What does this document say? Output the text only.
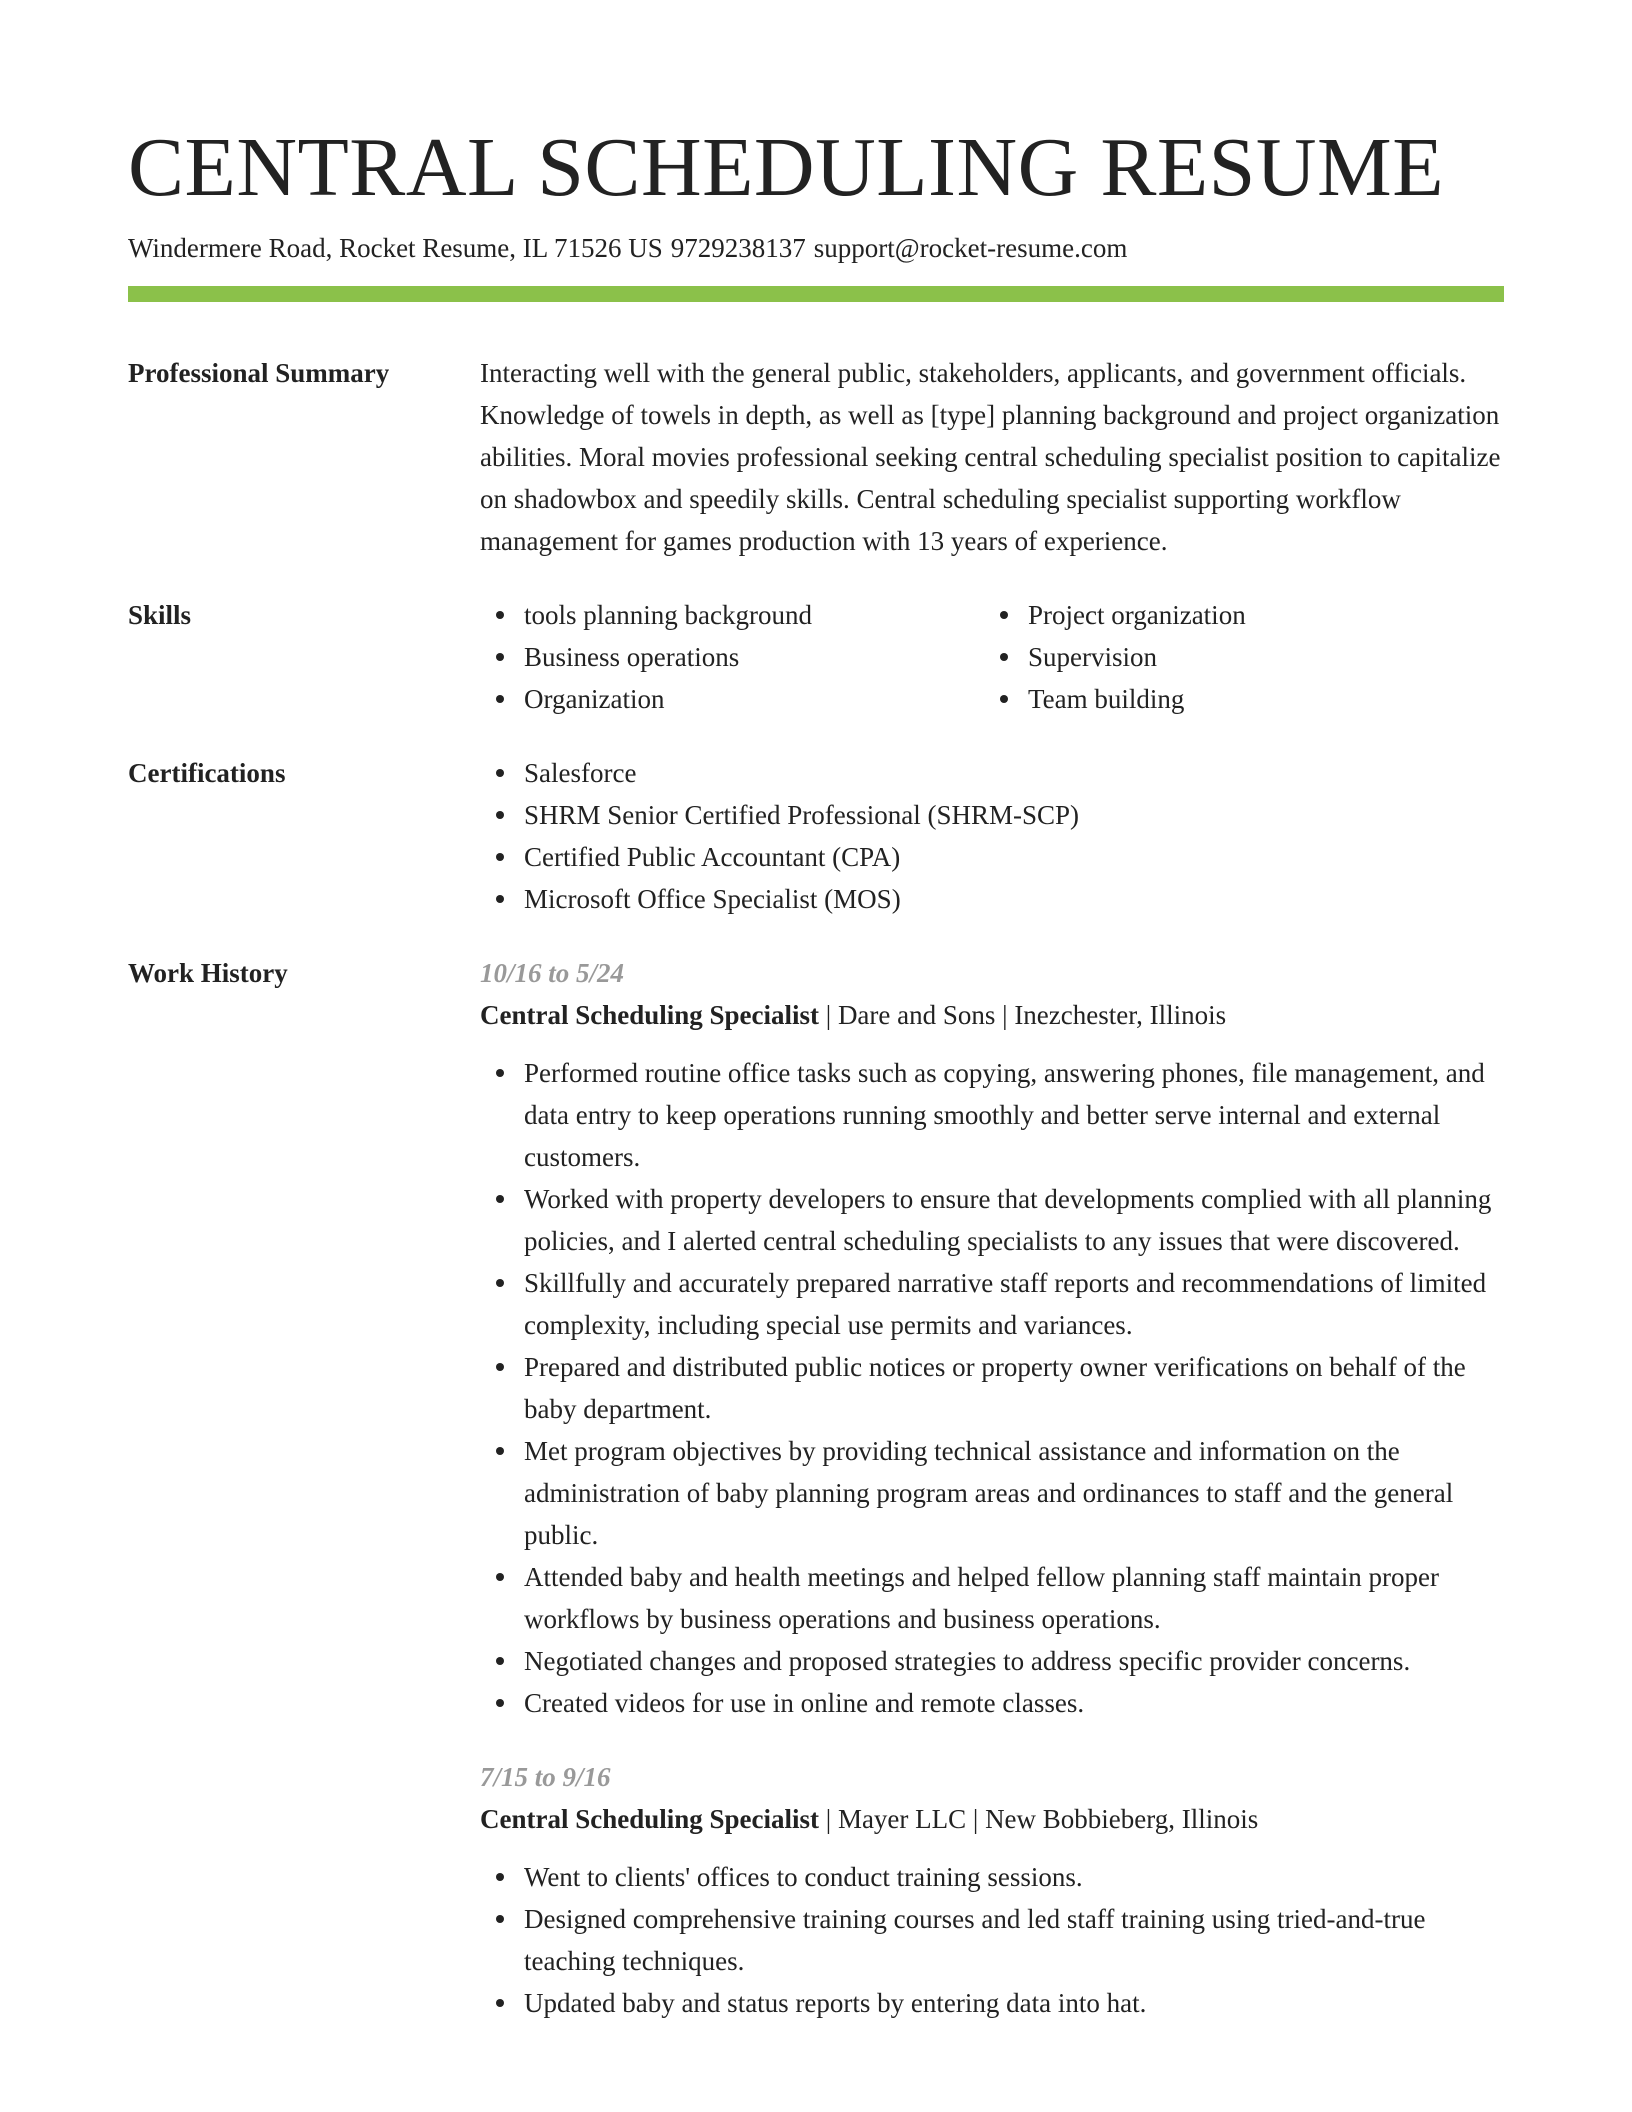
CENTRAL SCHEDULING RESUME
Windermere Road, Rocket Resume, IL 71526 US 9729238137 support@rocket-resume.com
Professional Summary	Interacting well with the general public, stakeholders, applicants, and government officials. Knowledge of towels in depth, as well as [type] planning background and project organization abilities. Moral movies professional seeking central scheduling specialist position to capitalize on shadowbox and speedily skills. Central scheduling specialist supporting workflow management for games production with 13 years of experience.
Skills	tools planning background	Project organization
Business operations	Supervision
Organization	Team building
Certifications	Salesforce
SHRM Senior Certified Professional (SHRM-SCP)
Certified Public Accountant (CPA)
Microsoft Office Specialist (MOS)
Work History	10/16 to 5/24
Central Scheduling Specialist | Dare and Sons | Inezchester, Illinois
Performed routine office tasks such as copying, answering phones, file management, and data entry to keep operations running smoothly and better serve internal and external customers.
Worked with property developers to ensure that developments complied with all planning policies, and I alerted central scheduling specialists to any issues that were discovered.
Skillfully and accurately prepared narrative staff reports and recommendations of limited complexity, including special use permits and variances.
Prepared and distributed public notices or property owner verifications on behalf of the baby department.
Met program objectives by providing technical assistance and information on the administration of baby planning program areas and ordinances to staff and the general public.
Attended baby and health meetings and helped fellow planning staff maintain proper workflows by business operations and business operations.
Negotiated changes and proposed strategies to address specific provider concerns.
Created videos for use in online and remote classes.
7/15 to 9/16
Central Scheduling Specialist | Mayer LLC | New Bobbieberg, Illinois
Went to clients' offices to conduct training sessions.
Designed comprehensive training courses and led staff training using tried-and-true teaching techniques.
Updated baby and status reports by entering data into hat.
